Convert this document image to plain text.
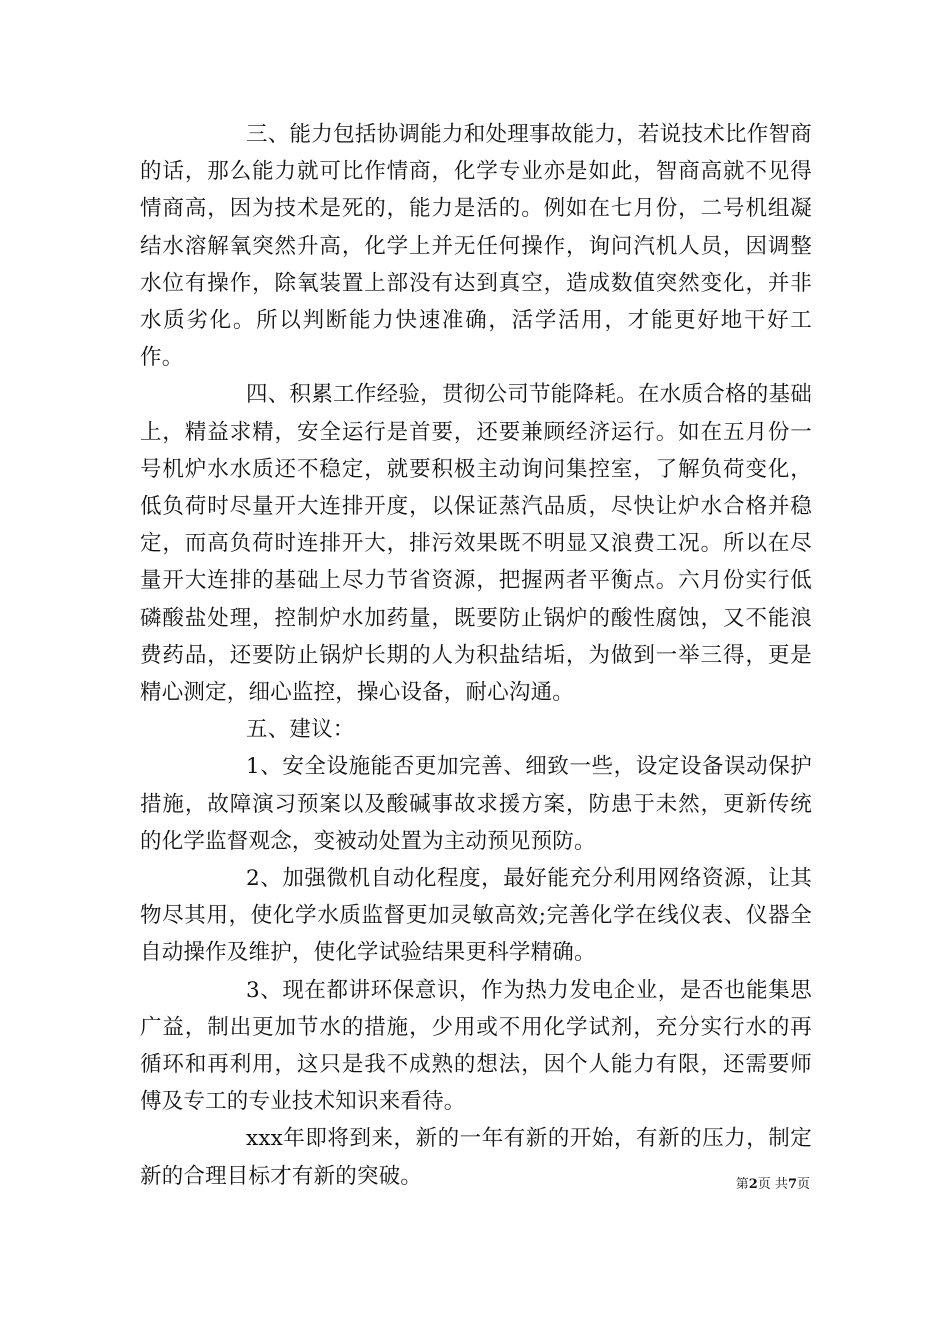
三、能力包括协调能力和处理事故能力，若说技术比作智商的话，那么能力就可比作情商，化学专业亦是如此，智商高就不见得情商高，因为技术是死的，能力是活的。例如在七月份，二号机组凝结水溶解氧突然升高，化学上并无任何操作，询问汽机人员，因调整水位有操作，除氧装置上部没有达到真空，造成数值突然变化，并非水质劣化。所以判断能力快速准确，活学活用，才能更好地干好工作。

四、积累工作经验，贯彻公司节能降耗。在水质合格的基础上，精益求精，安全运行是首要，还要兼顾经济运行。如在五月份一号机炉水水质还不稳定，就要积极主动询问集控室，了解负荷变化，低负荷时尽量开大连排开度，以保证蒸汽品质，尽快让炉水合格并稳定，而高负荷时连排开大，排污效果既不明显又浪费工况。所以在尽量开大连排的基础上尽力节省资源，把握两者平衡点。六月份实行低磷酸盐处理，控制炉水加药量，既要防止锅炉的酸性腐蚀，又不能浪费药品，还要防止锅炉长期的人为积盐结垢，为做到一举三得，更是精心测定，细心监控，操心设备，耐心沟通。

五、建议：

1、安全设施能否更加完善、细致一些，设定设备误动保护措施，故障演习预案以及酸碱事故求援方案，防患于未然，更新传统的化学监督观念，变被动处置为主动预见预防。

2、加强微机自动化程度，最好能充分利用网络资源，让其物尽其用，使化学水质监督更加灵敏高效;完善化学在线仪表、仪器全自动操作及维护，使化学试验结果更科学精确。

3、现在都讲环保意识，作为热力发电企业，是否也能集思广益，制出更加节水的措施，少用或不用化学试剂，充分实行水的再循环和再利用，这只是我不成熟的想法，因个人能力有限，还需要师傅及专工的专业技术知识来看待。

xxx年即将到来，新的一年有新的开始，有新的压力，制定新的合理目标才有新的突破。	第2页 共7页
